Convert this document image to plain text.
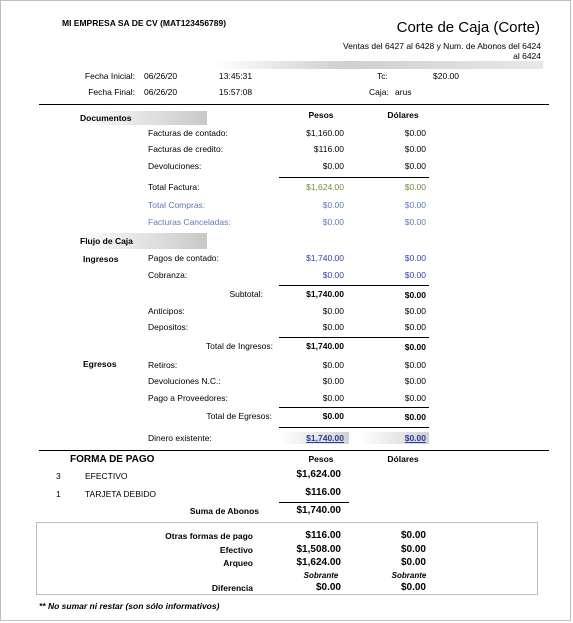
MI EMPRESA SA DE CV (MAT123456789)	Corte de Caja (Corte)
Ventas del 6427 al 6428 y Num. de Abonos del 6424
al 6424
Fecha Inicial: 06/26/20	13:45:31	Tc:	$20.00
Fecha Final: 06/26/20	15:57:08	Caja: arus
Documentos	Pesos	Dólares
Facturas de contado:	$1,160.00	$0.00
Facturas de credito:	$116.00	$0.00
Devoluciones:	$0.00	$0.00
Total Factura:	$1,624.00	$0.00
Total Compras:	$0.00	$0.00
Facturas Canceladas:	$0.00	$0.00
Flujo de Caja
Ingresos	Pagos de contado:	$1,740.00	$0.00
Cobranza:	$0.00	$0.00
Subtotal:	$1,740.00	$0.00
Anticipos:	$0.00	$0.00
Depositos:	$0.00	$0.00
Total de Ingresos:	$1,740.00	$0.00
Egresos	Retiros:	$0.00	$0.00
Devoluciones N.C.:	$0.00	$0.00
Pago a Proveedores:	$0.00	$0.00
Total de Egresos:	$0.00	$0.00
Dinero existente:	$1,740.00	$0.00
FORMA DE PAGO	Pesos	Dólares
3	EFECTIVO	$1,624.00
1	TARJETA DEBIDO	$116.00
Suma de Abonos	$1,740.00
Otras formas de pago	$116.00	$0.00
Efectivo	$1,508.00	$0.00
Arqueo	$1,624.00	$0.00
Sobrante	Sobrante
Diferencia	$0.00	$0.00
** No sumar ni restar (son sólo informativos)
